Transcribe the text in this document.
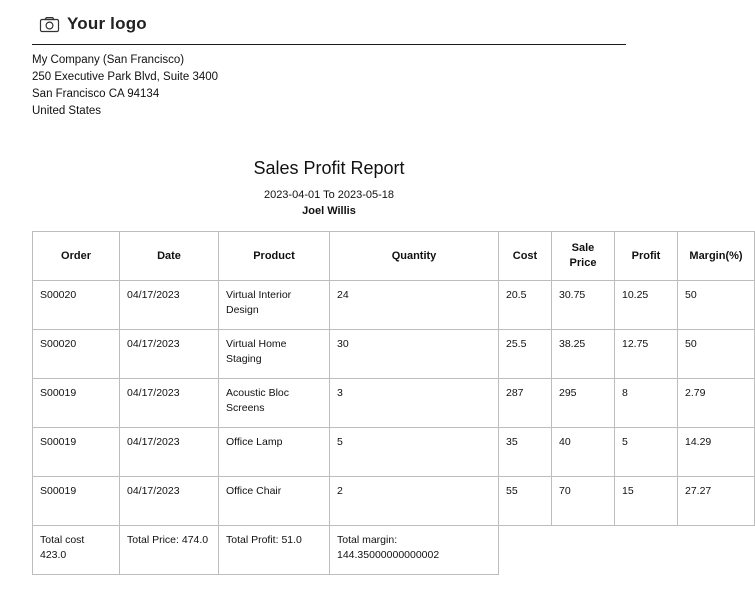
Your logo
My Company (San Francisco)
250 Executive Park Blvd, Suite 3400
San Francisco CA 94134
United States
Sales Profit Report
2023-04-01 To 2023-05-18
Joel Willis
Order	Date	Product	Quantity	Cost	Sale Price	Profit	Margin(%)
S00020	04/17/2023	Virtual Interior Design	24	20.5	30.75	10.25	50
S00020	04/17/2023	Virtual Home Staging	30	25.5	38.25	12.75	50
S00019	04/17/2023	Acoustic Bloc Screens	3	287	295	8	2.79
S00019	04/17/2023	Office Lamp	5	35	40	5	14.29
S00019	04/17/2023	Office Chair	2	55	70	15	27.27
Total cost 423.0	Total Price: 474.0	Total Profit: 51.0	Total margin: 144.35000000000002				
